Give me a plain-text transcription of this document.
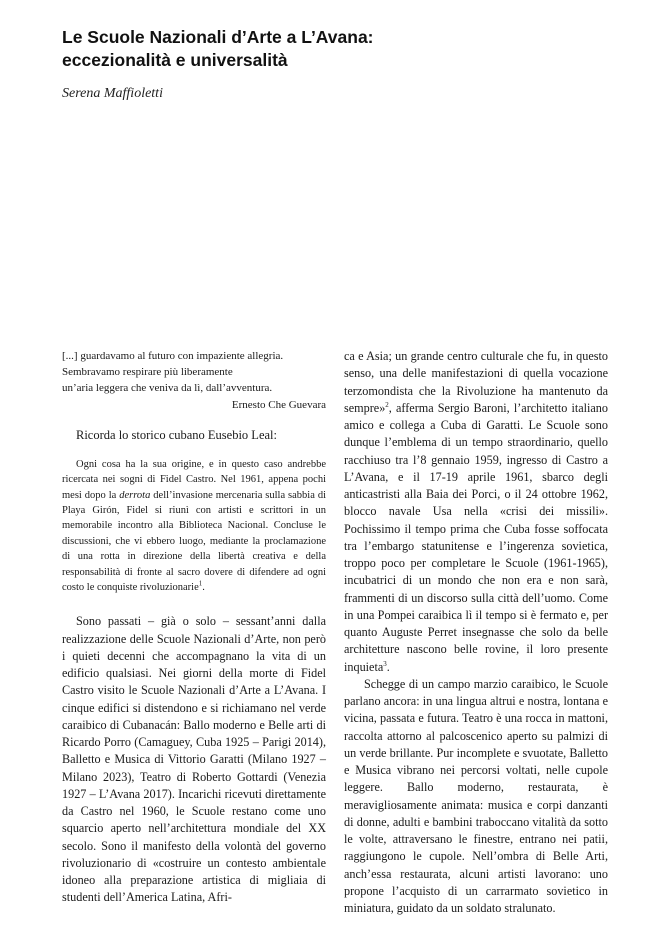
Le Scuole Nazionali d’Arte a L’Avana:
eccezionalità e universalità

Serena Maffioletti

[...] guardavamo al futuro con impaziente allegria.
Sembravamo respirare più liberamente
un’aria leggera che veniva da lì, dall’avventura.
Ernesto Che Guevara

Ricorda lo storico cubano Eusebio Leal:

Ogni cosa ha la sua origine, e in questo caso andrebbe ricercata nei sogni di Fidel Castro. Nel 1961, appena pochi mesi dopo la derrota dell’invasione mercenaria sulla sabbia di Playa Girón, Fidel si riunì con artisti e scrittori in un memorabile incontro alla Biblioteca Nacional. Concluse le discussioni, che vi ebbero luogo, mediante la proclamazione di una rotta in direzione della libertà creativa e della responsabilità di fronte al sacro dovere di difendere ad ogni costo le conquiste rivoluzionarie$^1$.

Sono passati – già o solo – sessant’anni dalla realizzazione delle Scuole Nazionali d’Arte, non però i quieti decenni che accompagnano la vita di un edificio qualsiasi. Nei giorni della morte di Fidel Castro visito le Scuole Nazionali d’Arte a L’Avana. I cinque edifici si distendono e si richiamano nel verde caraibico di Cubanacán: Ballo moderno e Belle arti di Ricardo Porro (Camaguey, Cuba 1925 – Parigi 2014), Balletto e Musica di Vittorio Garatti (Milano 1927 – Milano 2023), Teatro di Roberto Gottardi (Venezia 1927 – L’Avana 2017). Incarichi ricevuti direttamente da Castro nel 1960, le Scuole restano come uno squarcio aperto nell’architettura mondiale del XX secolo. Sono il manifesto della volontà del governo rivoluzionario di «costruire un contesto ambientale idoneo alla preparazione artistica di migliaia di studenti dell’America Latina, Afri-

ca e Asia; un grande centro culturale che fu, in questo senso, una delle manifestazioni di quella vocazione terzomondista che la Rivoluzione ha mantenuto da sempre»$^2$, afferma Sergio Baroni, l’architetto italiano amico e collega a Cuba di Garatti. Le Scuole sono dunque l’emblema di un tempo straordinario, quello racchiuso tra l’8 gennaio 1959, ingresso di Castro a L’Avana, e il 17-19 aprile 1961, sbarco degli anticastristi alla Baia dei Porci, o il 24 ottobre 1962, blocco navale Usa nella «crisi dei missili». Pochissimo il tempo prima che Cuba fosse soffocata tra l’embargo statunitense e l’ingerenza sovietica, troppo poco per completare le Scuole (1961-1965), incubatrici di un mondo che non era e non sarà, frammenti di un discorso sulla città dell’uomo. Come in una Pompei caraibica lì il tempo si è fermato e, per quanto Auguste Perret insegnasse che solo da belle architetture nascono belle rovine, il loro presente inquieta$^3$.

Schegge di un campo marzio caraibico, le Scuole parlano ancora: in una lingua altrui e nostra, lontana e vicina, passata e futura. Teatro è una rocca in mattoni, raccolta attorno al palcoscenico aperto su palmizi di un verde brillante. Pur incomplete e svuotate, Balletto e Musica vibrano nei percorsi voltati, nelle cupole leggere. Ballo moderno, restaurata, è meravigliosamente animata: musica e corpi danzanti di donne, adulti e bambini traboccano vitalità da sotto le volte, attraversano le finestre, entrano nei patii, raggiungono le cupole. Nell’ombra di Belle Arti, anch’essa restaurata, alcuni artisti lavorano: uno propone l’acquisto di un carrarmato sovietico in miniatura, guidato da un soldato stralunato.
